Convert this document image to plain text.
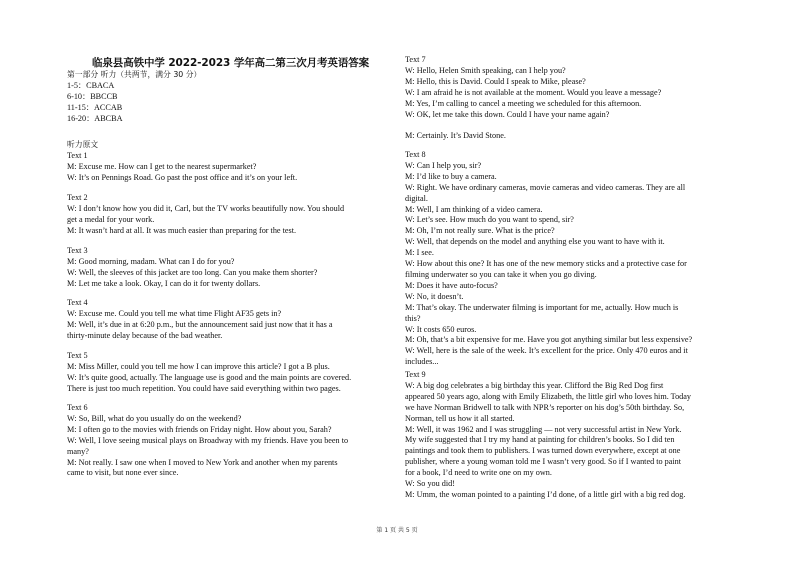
临泉县高铁中学 2022-2023 学年高二第三次月考英语答案
第一部分 听力（共两节，满分 30 分）
1-5：CBACA
6-10：BBCCB
11-15：ACCAB
16-20：ABCBA
听力原文
Text 1
M: Excuse me. How can I get to the nearest supermarket?
W: It’s on Pennings Road. Go past the post office and it’s on your left.
Text 2
W: I don’t know how you did it, Carl, but the TV works beautifully now. You should
get a medal for your work.
M: It wasn’t hard at all. It was much easier than preparing for the test.
Text 3
M: Good morning, madam. What can I do for you?
W: Well, the sleeves of this jacket are too long. Can you make them shorter?
M: Let me take a look. Okay, I can do it for twenty dollars.
Text 4
W: Excuse me. Could you tell me what time Flight AF35 gets in?
M: Well, it’s due in at 6:20 p.m., but the announcement said just now that it has a
thirty-minute delay because of the bad weather.
Text 5
M: Miss Miller, could you tell me how I can improve this article? I got a B plus.
W: It’s quite good, actually. The language use is good and the main points are covered.
There is just too much repetition. You could have said everything within two pages.
Text 6
W: So, Bill, what do you usually do on the weekend?
M: I often go to the movies with friends on Friday night. How about you, Sarah?
W: Well, I love seeing musical plays on Broadway with my friends. Have you been to
many?
M: Not really. I saw one when I moved to New York and another when my parents
came to visit, but none ever since.
Text 7
W: Hello, Helen Smith speaking, can I help you?
M: Hello, this is David. Could I speak to Mike, please?
W: I am afraid he is not available at the moment. Would you leave a message?
M: Yes, I’m calling to cancel a meeting we scheduled for this afternoon.
W: OK, let me take this down. Could I have your name again?
M: Certainly. It’s David Stone.
Text 8
W: Can I help you, sir?
M: I’d like to buy a camera.
W: Right. We have ordinary cameras, movie cameras and video cameras. They are all
digital.
M: Well, I am thinking of a video camera.
W: Let’s see. How much do you want to spend, sir?
M: Oh, I’m not really sure. What is the price?
W: Well, that depends on the model and anything else you want to have with it.
M: I see.
W: How about this one? It has one of the new memory sticks and a protective case for
filming underwater so you can take it when you go diving.
M: Does it have auto-focus?
W: No, it doesn’t.
M: That’s okay. The underwater filming is important for me, actually. How much is
this?
W: It costs 650 euros.
M: Oh, that’s a bit expensive for me. Have you got anything similar but less expensive?
W: Well, here is the sale of the week. It’s excellent for the price. Only 470 euros and it
includes...
Text 9
W: A big dog celebrates a big birthday this year. Clifford the Big Red Dog first
appeared 50 years ago, along with Emily Elizabeth, the little girl who loves him. Today
we have Norman Bridwell to talk with NPR’s reporter on his dog’s 50th birthday. So,
Norman, tell us how it all started.
M: Well, it was 1962 and I was struggling — not very successful artist in New York.
My wife suggested that I try my hand at painting for children’s books. So I did ten
paintings and took them to publishers. I was turned down everywhere, except at one
publisher, where a young woman told me I wasn’t very good. So if I wanted to paint
for a book, I’d need to write one on my own.
W: So you did!
M: Umm, the woman pointed to a painting I’d done, of a little girl with a big red dog.
第 1 页 共 5 页
